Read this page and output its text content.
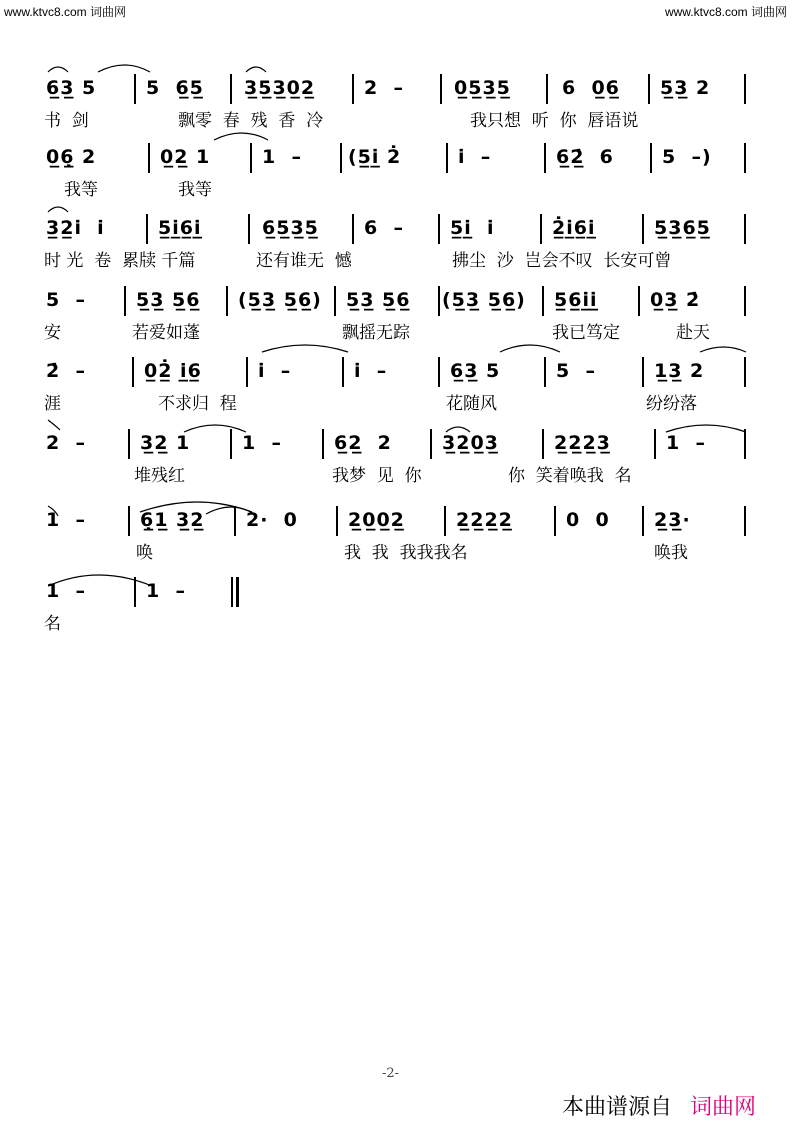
www.ktvc8.com 词曲网	www.ktvc8.com 词曲网
6̲3̲ 5	5  6̲5̲ 3̲5̲3̲0̲2̲	2  –	0̲5̲3̲5̲	6  0̲6̲ 5̲3̲ 2
书  剑	飘零  春  残  香  冷	我只想  听  你  唇语说
0̲6̣̲ 2	0̲2̲ 1	1  – (5̲i̲̇ 2̇	i̇  –	6̲2̲̇  6	5  –)
我等	我等
3̲2̲i̇  i̇	5̲i̲̇6̲i̲̇	6̲5̲3̲5̲ 6  – 5̲i̲̇  i̇	2̲̇i̲̇6̲i̲̇	5̲3̲6̲5̲
时 光  卷  累牍 千篇	还有谁无  憾	拂尘  沙  岂会不叹  长安可曾
5  –	5̲3̲ 5̲6̲ (5̲3̲ 5̲6̲) 5̲3̲ 5̲6̲ (5̲3̲ 5̲6̲) 5̲6̲i̲̇i̲̇	0̲3̲ 2̇
安	若爱如蓬	飘摇无踪	我已笃定	赴天
2̇  –	0̲2̲̇ i̲6̲	i̇  –	i̇  –	6̲3̲ 5	5  –	1̲3̲ 2
涯	不求归  程	花随风	纷纷落
2  –	3̲2̲ 1	1  –	6̲2̲  2	3̲2̲0̲3̲	2̲2̲2̲3̲	1  –
堆残红	我梦  见  你	你  笑着唤我  名
1  –	6̣̲1̲ 3̲2̲ 2·  0	2̲0̲0̲2̲	2̲2̲2̲2̲	0  0 2̲3̲·
唤	我  我  我我我名	唤我
1  –	1  –
名
-2-
本曲谱源自 词曲网
